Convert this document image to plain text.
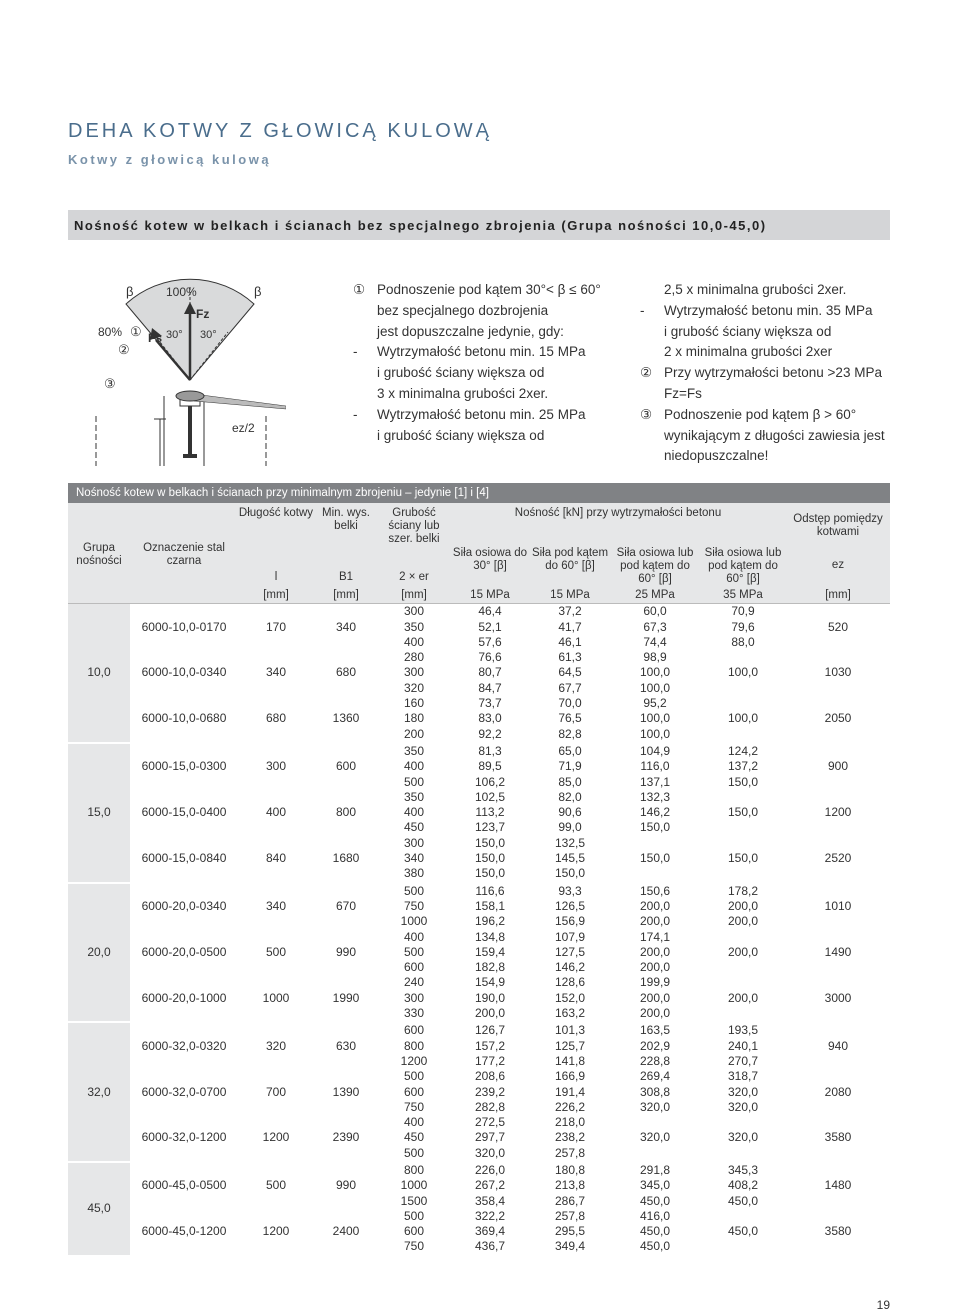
DEHA KOTWY Z GŁOWICĄ KULOWĄ
Kotwy z głowicą kulową
Nośność kotew w belkach i ścianach bez specjalnego zbrojenia (Grupa nośności 10,0-45,0)
β	β
100%
80%
Fz
Fs 30° 30°
①
②
③
ez/2
① Podnoszenie pod kątem 30°< β ≤ 60°
bez specjalnego dozbrojenia
jest dopuszczalne jedynie, gdy:
-	Wytrzymałość betonu min. 15 MPa
i grubość ściany większa od
3 x minimalna grubości 2xer.
-	Wytrzymałość betonu min. 25 MPa
i grubość ściany większa od
2,5 x minimalna grubości 2xer.
-	Wytrzymałość betonu min. 35 MPa
i grubość ściany większa od
2 x minimalna grubości 2xer
② Przy wytrzymałości betonu >23 MPa
Fz=Fs
③ Podnoszenie pod kątem β > 60°
wynikającym z długości zawiesia jest
niedopuszczalne!
Nośność kotew w belkach i ścianach przy minimalnym zbrojeniu – jedynie [1] i [4]
Grupa nośności	Oznaczenie stal czarna	Długość kotwy	Min. wys. belki	Grubość ściany lub szer. belki	Nośność [kN] przy wytrzymałości betonu				Odstęp pomiędzy kotwami
ez

		l	B1	2 × er	Siła osiowa do 30° [β]	Siła pod kątem do 60° [β]	Siła osiowa lub pod kątem do 60° [β]	Siła osiowa lub pod kątem do 60° [β]	
		[mm]	[mm]	[mm]	15 MPa	15 MPa	25 MPa	35 MPa	[mm]
10,0	6000-10,0-0170	170	340	300	46,4	37,2	60,0	70,9	520
				350	52,1	41,7	67,3	79,6	
				400	57,6	46,1	74,4	88,0	
	6000-10,0-0340	340	680	280	76,6	61,3	98,9	100,0	1030
				300	80,7	64,5	100,0		
				320	84,7	67,7	100,0		
	6000-10,0-0680	680	1360	160	73,7	70,0	95,2	100,0	2050
				180	83,0	76,5	100,0		
				200	92,2	82,8	100,0		
15,0	6000-15,0-0300	300	600	350	81,3	65,0	104,9	124,2	900
				400	89,5	71,9	116,0	137,2	
				500	106,2	85,0	137,1	150,0	
	6000-15,0-0400	400	800	350	102,5	82,0	132,3	150,0	1200
				400	113,2	90,6	146,2		
				450	123,7	99,0	150,0		
	6000-15,0-0840	840	1680	300	150,0	132,5	150,0	150,0	2520
				340	150,0	145,5			
				380	150,0	150,0			
20,0	6000-20,0-0340	340	670	500	116,6	93,3	150,6	178,2	1010
				750	158,1	126,5	200,0	200,0	
				1000	196,2	156,9	200,0	200,0	
	6000-20,0-0500	500	990	400	134,8	107,9	174,1	200,0	1490
				500	159,4	127,5	200,0		
				600	182,8	146,2	200,0		
	6000-20,0-1000	1000	1990	240	154,9	128,6	199,9	200,0	3000
				300	190,0	152,0	200,0		
				330	200,0	163,2	200,0		
32,0	6000-32,0-0320	320	630	600	126,7	101,3	163,5	193,5	940
				800	157,2	125,7	202,9	240,1	
				1200	177,2	141,8	228,8	270,7	
	6000-32,0-0700	700	1390	500	208,6	166,9	269,4	318,7	2080
				600	239,2	191,4	308,8	320,0	
				750	282,8	226,2	320,0	320,0	
	6000-32,0-1200	1200	2390	400	272,5	218,0	320,0	320,0	3580
				450	297,7	238,2			
				500	320,0	257,8			
45,0	6000-45,0-0500	500	990	800	226,0	180,8	291,8	345,3	1480
				1000	267,2	213,8	345,0	408,2	
				1500	358,4	286,7	450,0	450,0	
	6000-45,0-1200	1200	2400	500	322,2	257,8	416,0	450,0	3580
				600	369,4	295,5	450,0		
				750	436,7	349,4	450,0		
19
